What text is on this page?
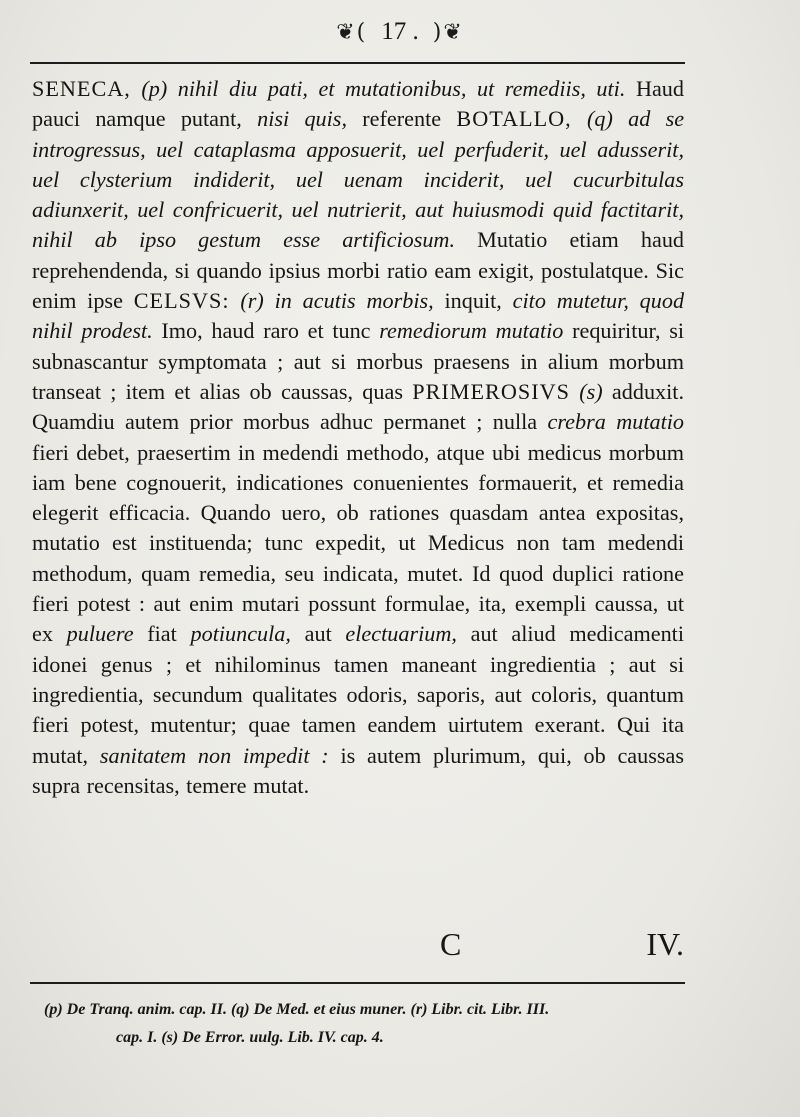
❦( 17 . )❦
SENECA, (p) nihil diu pati, et mutationibus, ut remediis, uti. Haud pauci namque putant, nisi quis, referente BOTALLO, (q) ad se introgressus, uel cataplasma apposuerit, uel perfuderit, uel adusserit, uel clysterium indiderit, uel uenam inciderit, uel cucurbitulas adiunxerit, uel confricuerit, uel nutrierit, aut huiusmodi quid factitarit, nihil ab ipso gestum esse artificiosum. Mutatio etiam haud reprehendenda, si quando ipsius morbi ratio eam exigit, postulatque. Sic enim ipse CELSVS: (r) in acutis morbis, inquit, cito mutetur, quod nihil prodest. Imo, haud raro et tunc remediorum mutatio requiritur, si subnascantur symptomata ; aut si morbus praesens in alium morbum transeat ; item et alias ob caussas, quas PRIMEROSIVS (s) adduxit. Quamdiu autem prior morbus adhuc permanet ; nulla crebra mutatio fieri debet, praesertim in medendi methodo, atque ubi medicus morbum iam bene cognouerit, indicationes conuenientes formauerit, et remedia elegerit efficacia. Quando uero, ob rationes quasdam antea expositas, mutatio est instituenda; tunc expedit, ut Medicus non tam medendi methodum, quam remedia, seu indicata, mutet. Id quod duplici ratione fieri potest : aut enim mutari possunt formulae, ita, exempli caussa, ut ex puluere fiat potiuncula, aut electuarium, aut aliud medicamenti idonei genus ; et nihilominus tamen maneant ingredientia ; aut si ingredientia, secundum qualitates odoris, saporis, aut coloris, quantum fieri potest, mutentur; quae tamen eandem uirtutem exerant. Qui ita mutat, sanitatem non impedit : is autem plurimum, qui, ob caussas supra recensitas, temere mutat.
C	IV.
(p) De Tranq. anim. cap. II. (q) De Med. et eius muner. (r) Libr. cit. Libr. III.
cap. I. (s) De Error. uulg. Lib. IV. cap. 4.
